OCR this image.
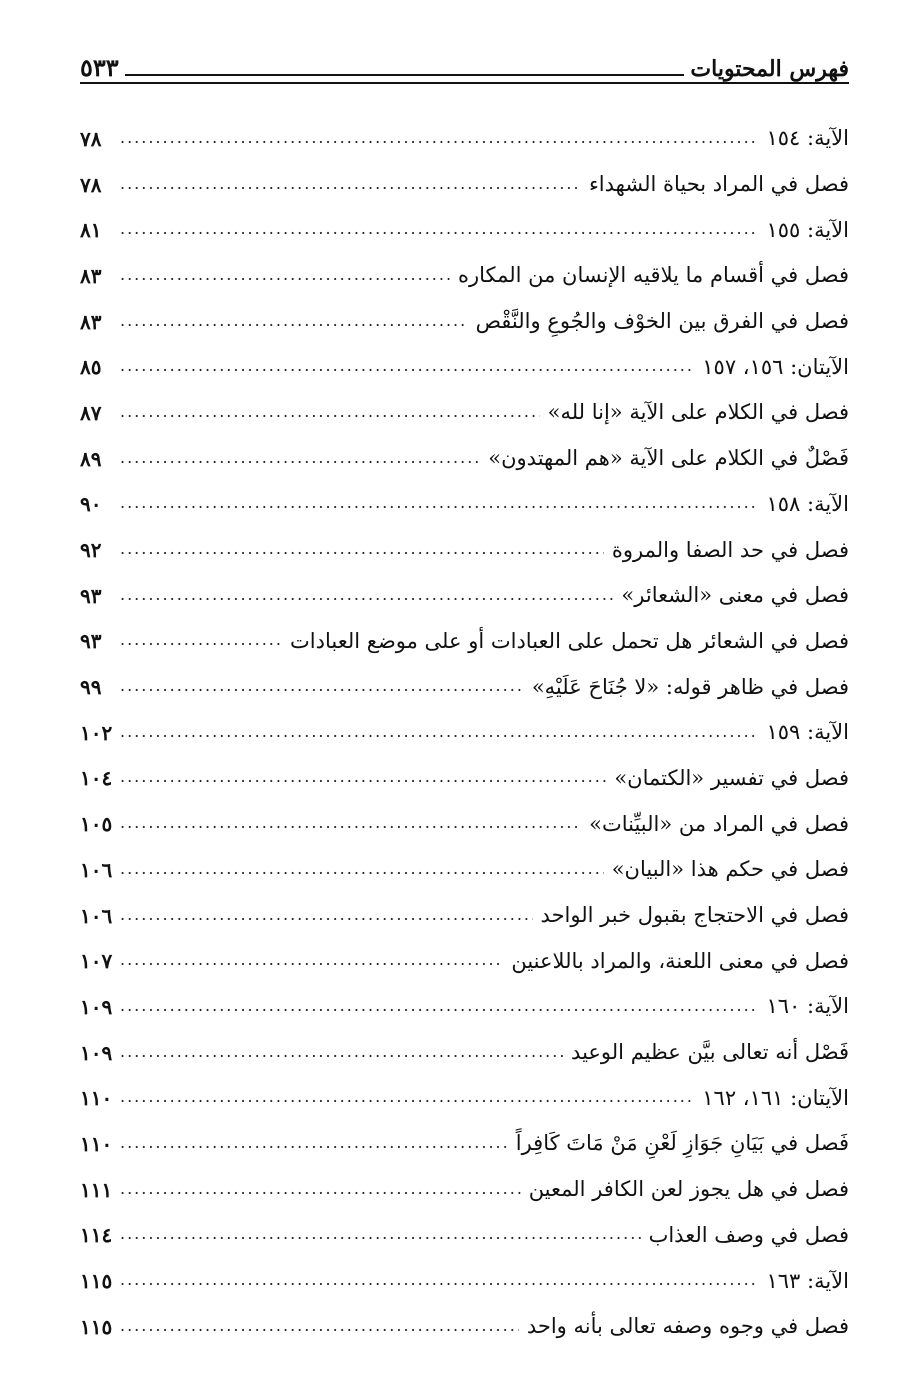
فهرس المحتويات
٥٣٣
الآية: ١٥٤
.....
٧٨
فصل في المراد بحياة الشهداء
.....
٧٨
الآية: ١٥٥
.....
٨١
فصل في أقسام ما يلاقيه الإنسان من المكاره
.....
٨٣
فصل في الفرق بين الخوْف والجُوعِ والنَّقْص
.....
٨٣
الآيتان: ١٥٦، ١٥٧
.....
٨٥
فصل في الكلام على الآية «إنا لله»
.....
٨٧
فَصْلٌ في الكلام على الآية «هم المهتدون»
.....
٨٩
الآية: ١٥٨
.....
٩٠
فصل في حد الصفا والمروة
.....
٩٢
فصل في معنى «الشعائر»
.....
٩٣
فصل في الشعائر هل تحمل على العبادات أو على موضع العبادات
.....
٩٣
فصل في ظاهر قوله: «لا جُنَاحَ عَلَيْهِ»
.....
٩٩
الآية: ١٥٩
.....
١٠٢
فصل في تفسير «الكتمان»
.....
١٠٤
فصل في المراد من «البيِّنات»
.....
١٠٥
فصل في حكم هذا «البيان»
.....
١٠٦
فصل في الاحتجاج بقبول خبر الواحد
.....
١٠٦
فصل في معنى اللعنة، والمراد باللاعنين
.....
١٠٧
الآية: ١٦٠
.....
١٠٩
فَصْل أنه تعالى بيَّن عظيم الوعيد
.....
١٠٩
الآيتان: ١٦١، ١٦٢
.....
١١٠
فَصل في بَيَانِ جَوَازِ لَعْنِ مَنْ مَاتَ كَافِراً
.....
١١٠
فصل في هل يجوز لعن الكافر المعين
.....
١١١
فصل في وصف العذاب
.....
١١٤
الآية: ١٦٣
.....
١١٥
فصل في وجوه وصفه تعالى بأنه واحد
.....
١١٥
